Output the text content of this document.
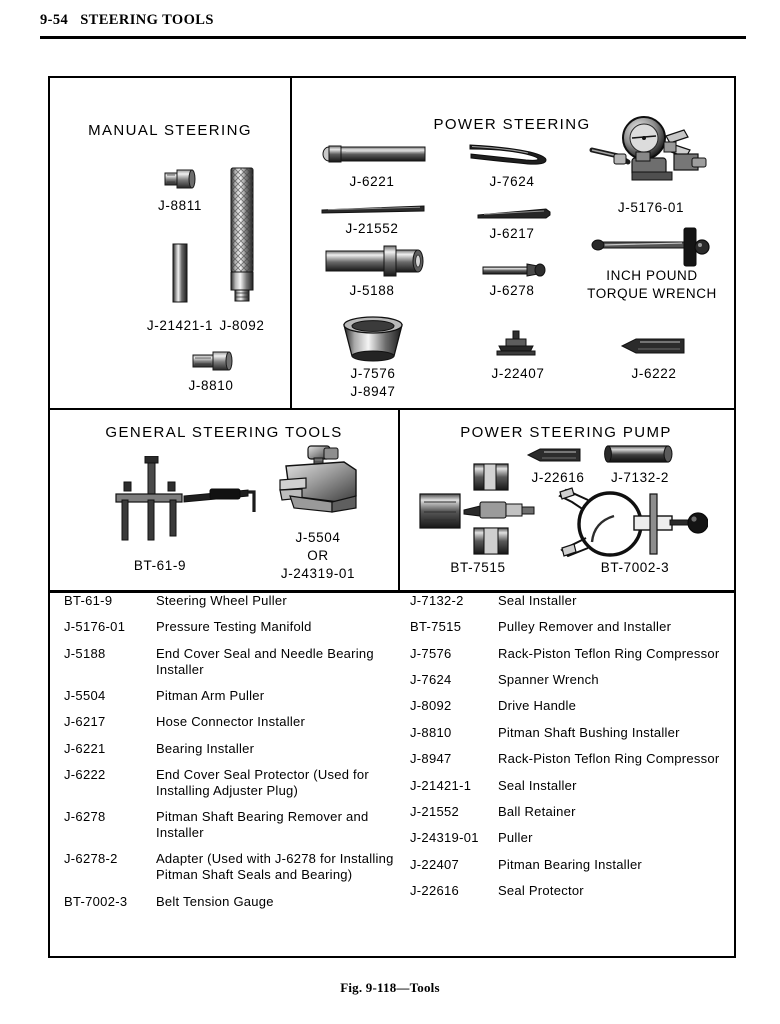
9-54 STEERING TOOLS
MANUAL STEERING
J-8811
J-21421-1 J-8092
J-8810
POWER STEERING
J-6221
J-21552
J-5188
J-7576
J-8947
J-7624
J-6217
J-6278
J-22407
J-5176-01
INCH POUND
TORQUE WRENCH
J-6222
GENERAL STEERING TOOLS
BT-61-9
J-5504
OR
J-24319-01
POWER STEERING PUMP
BT-7515
J-22616 J-7132-2
BT-7002-3
BT-61-9	Steering Wheel Puller
J-5176-01	Pressure Testing Manifold
J-5188	End Cover Seal and Needle Bearing Installer
J-5504	Pitman Arm Puller
J-6217	Hose Connector Installer
J-6221	Bearing Installer
J-6222	End Cover Seal Protector (Used for Installing Adjuster Plug)
J-6278	Pitman Shaft Bearing Remover and Installer
J-6278-2	Adapter (Used with J-6278 for Installing Pitman Shaft Seals and Bearing)
BT-7002-3	Belt Tension Gauge
J-7132-2	Seal Installer
BT-7515	Pulley Remover and Installer
J-7576	Rack-Piston Teflon Ring Compressor
J-7624	Spanner Wrench
J-8092	Drive Handle
J-8810	Pitman Shaft Bushing Installer
J-8947	Rack-Piston Teflon Ring Compressor
J-21421-1	Seal Installer
J-21552	Ball Retainer
J-24319-01	Puller
J-22407	Pitman Bearing Installer
J-22616	Seal Protector
Fig. 9-118—Tools
